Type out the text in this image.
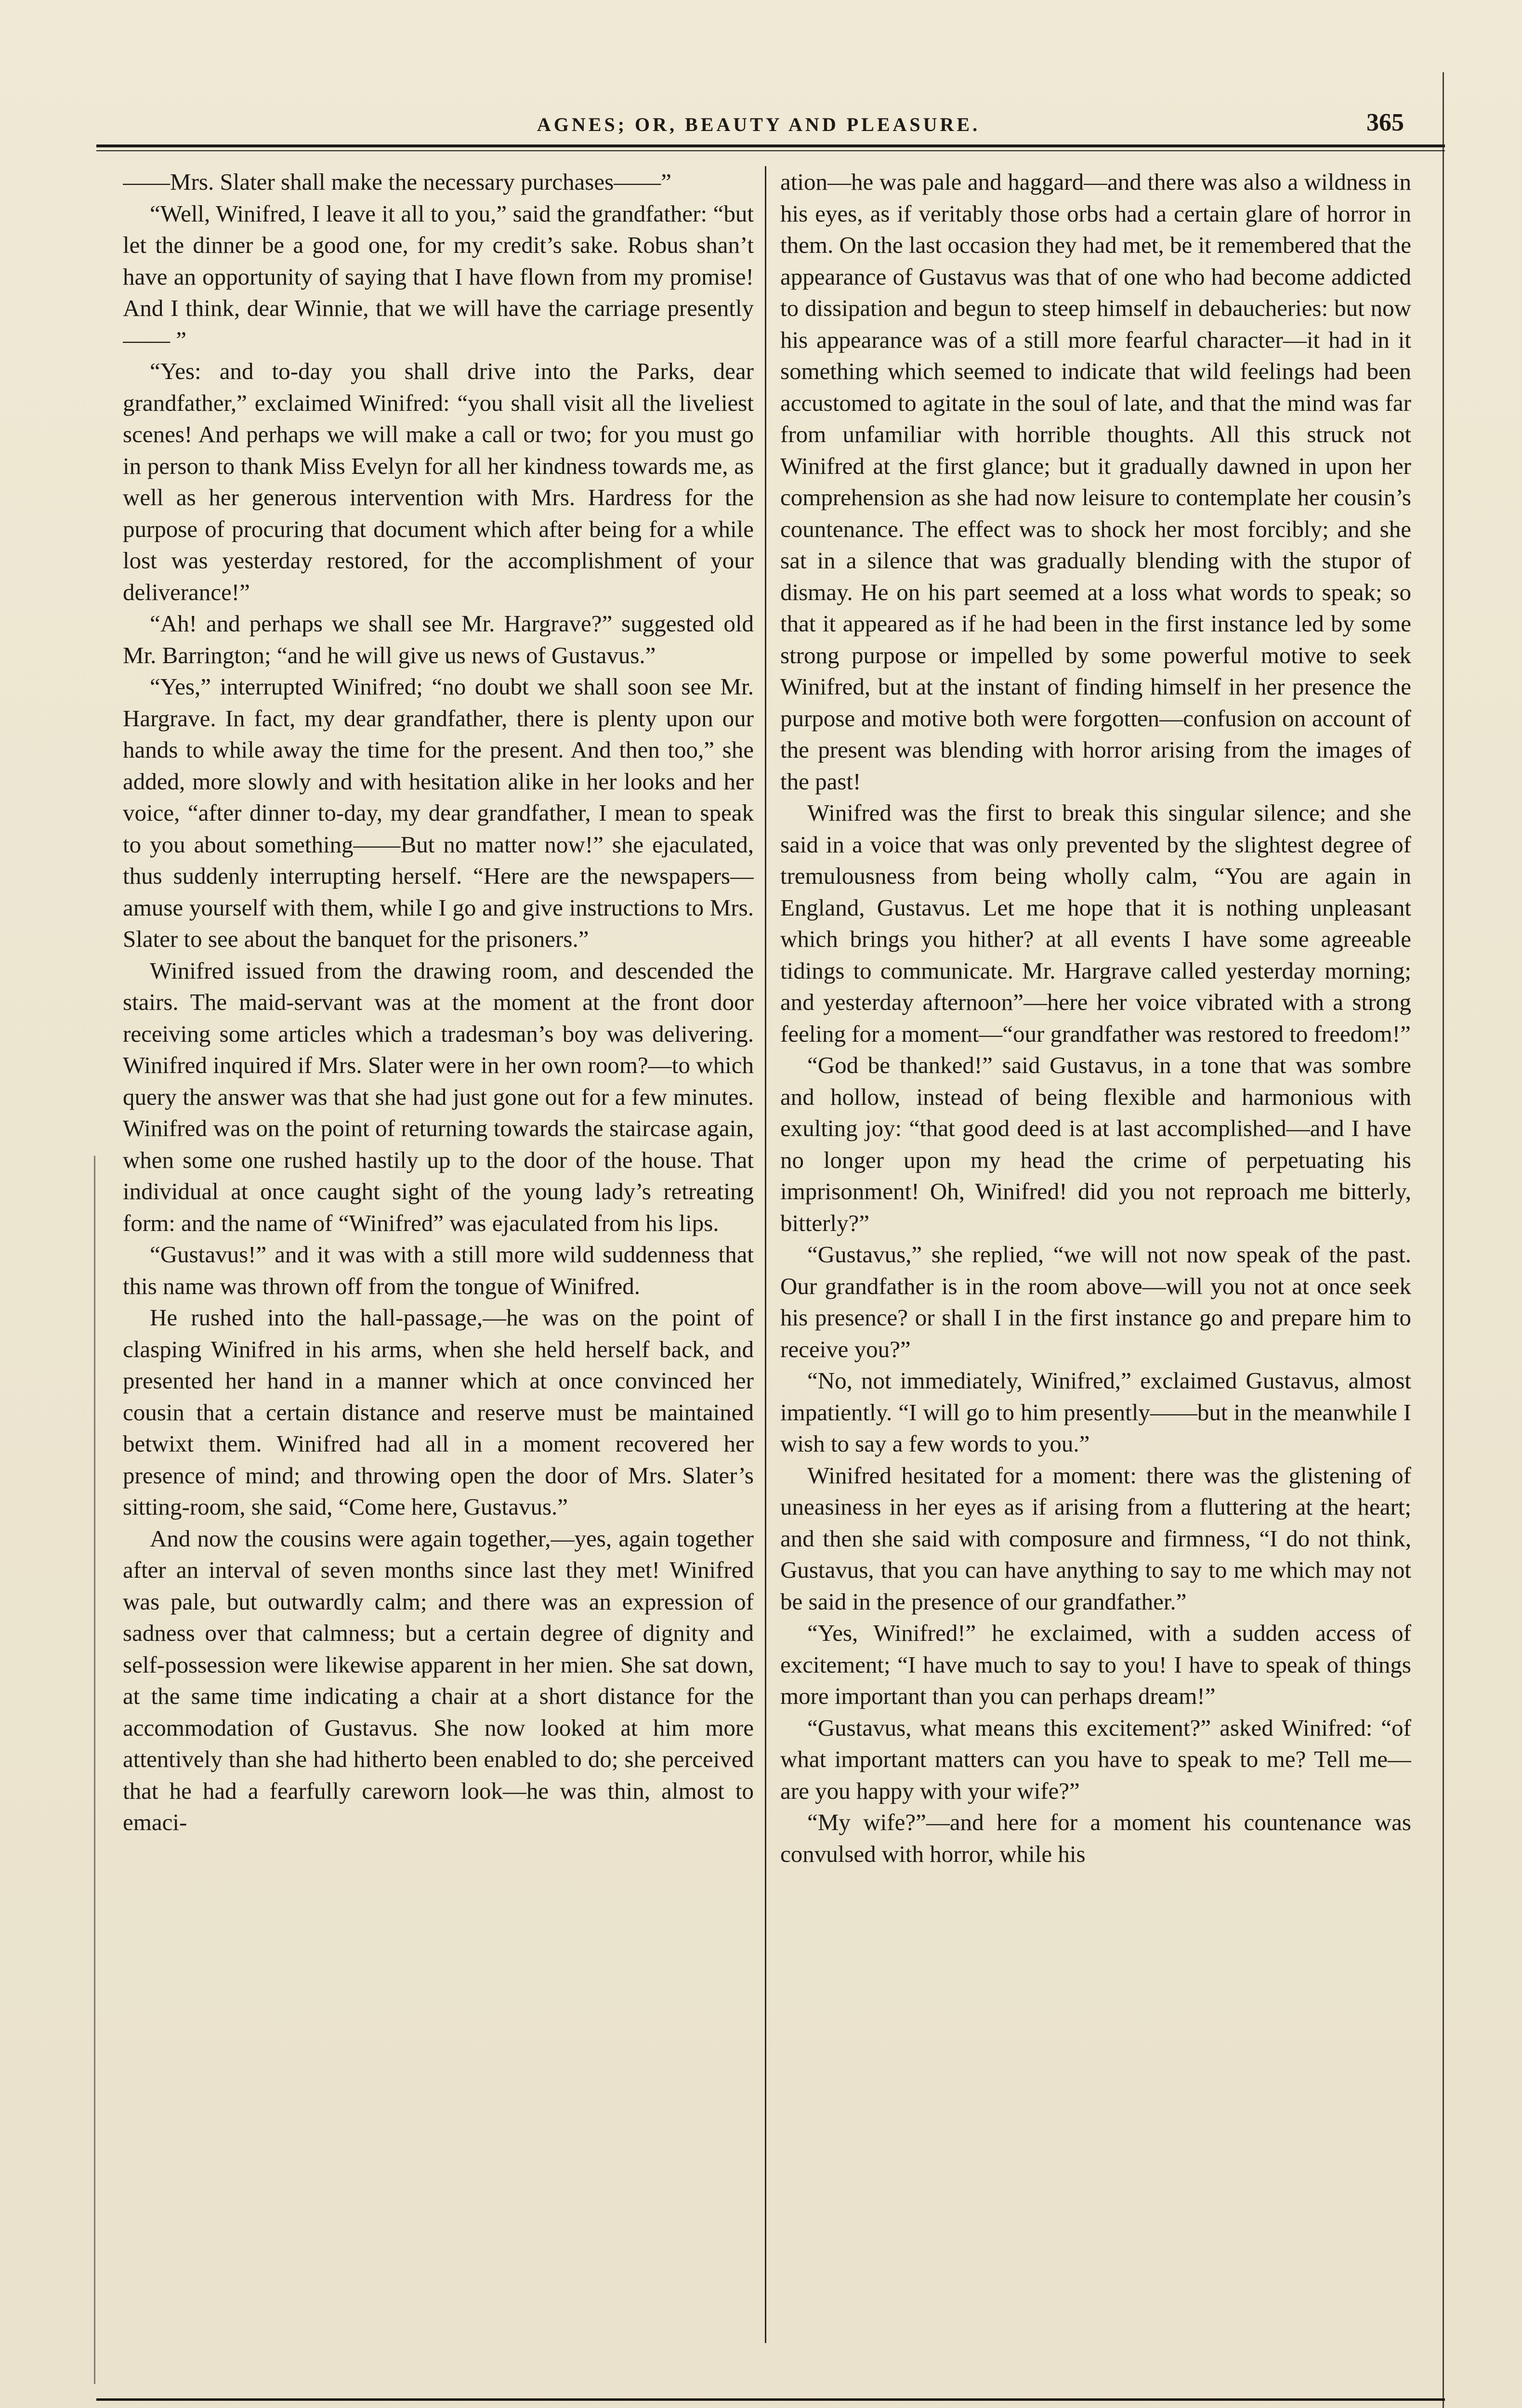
AGNES; OR, BEAUTY AND PLEASURE.	365

——Mrs. Slater shall make the necessary purchases——”

“Well, Winifred, I leave it all to you,” said the grandfather: “but let the dinner be a good one, for my credit’s sake. Robus shan’t have an opportunity of saying that I have flown from my promise! And I think, dear Winnie, that we will have the carriage presently—— ”

“Yes: and to-day you shall drive into the Parks, dear grandfather,” exclaimed Winifred: “you shall visit all the liveliest scenes! And perhaps we will make a call or two; for you must go in person to thank Miss Evelyn for all her kindness towards me, as well as her generous intervention with Mrs. Hardress for the purpose of procuring that document which after being for a while lost was yesterday restored, for the accomplishment of your deliverance!”

“Ah! and perhaps we shall see Mr. Hargrave?” suggested old Mr. Barrington; “and he will give us news of Gustavus.”

“Yes,” interrupted Winifred; “no doubt we shall soon see Mr. Hargrave. In fact, my dear grandfather, there is plenty upon our hands to while away the time for the present. And then too,” she added, more slowly and with hesitation alike in her looks and her voice, “after dinner to-day, my dear grandfather, I mean to speak to you about something——But no matter now!” she ejaculated, thus suddenly interrupting herself. “Here are the newspapers—amuse yourself with them, while I go and give instructions to Mrs. Slater to see about the banquet for the prisoners.”

Winifred issued from the drawing room, and descended the stairs. The maid-servant was at the moment at the front door receiving some articles which a tradesman’s boy was delivering. Winifred inquired if Mrs. Slater were in her own room?—to which query the answer was that she had just gone out for a few minutes. Winifred was on the point of returning towards the staircase again, when some one rushed hastily up to the door of the house. That individual at once caught sight of the young lady’s retreating form: and the name of “Winifred” was ejaculated from his lips.

“Gustavus!” and it was with a still more wild suddenness that this name was thrown off from the tongue of Winifred.

He rushed into the hall-passage,—he was on the point of clasping Winifred in his arms, when she held herself back, and presented her hand in a manner which at once convinced her cousin that a certain distance and reserve must be maintained betwixt them. Winifred had all in a moment recovered her presence of mind; and throwing open the door of Mrs. Slater’s sitting-room, she said, “Come here, Gustavus.”

And now the cousins were again together,—yes, again together after an interval of seven months since last they met! Winifred was pale, but outwardly calm; and there was an expression of sadness over that calmness; but a certain degree of dignity and self-possession were likewise apparent in her mien. She sat down, at the same time indicating a chair at a short distance for the accommodation of Gustavus. She now looked at him more attentively than she had hitherto been enabled to do; she perceived that he had a fearfully careworn look—he was thin, almost to emaci-

ation—he was pale and haggard—and there was also a wildness in his eyes, as if veritably those orbs had a certain glare of horror in them. On the last occasion they had met, be it remembered that the appearance of Gustavus was that of one who had become addicted to dissipation and begun to steep himself in debaucheries: but now his appearance was of a still more fearful character—it had in it something which seemed to indicate that wild feelings had been accustomed to agitate in the soul of late, and that the mind was far from unfamiliar with horrible thoughts. All this struck not Winifred at the first glance; but it gradually dawned in upon her comprehension as she had now leisure to contemplate her cousin’s countenance. The effect was to shock her most forcibly; and she sat in a silence that was gradually blending with the stupor of dismay. He on his part seemed at a loss what words to speak; so that it appeared as if he had been in the first instance led by some strong purpose or impelled by some powerful motive to seek Winifred, but at the instant of finding himself in her presence the purpose and motive both were forgotten—confusion on account of the present was blending with horror arising from the images of the past!

Winifred was the first to break this singular silence; and she said in a voice that was only prevented by the slightest degree of tremulousness from being wholly calm, “You are again in England, Gustavus. Let me hope that it is nothing unpleasant which brings you hither? at all events I have some agreeable tidings to communicate. Mr. Hargrave called yesterday morning; and yesterday afternoon”—here her voice vibrated with a strong feeling for a moment—“our grandfather was restored to freedom!”

“God be thanked!” said Gustavus, in a tone that was sombre and hollow, instead of being flexible and harmonious with exulting joy: “that good deed is at last accomplished—and I have no longer upon my head the crime of perpetuating his imprisonment! Oh, Winifred! did you not reproach me bitterly, bitterly?”

“Gustavus,” she replied, “we will not now speak of the past. Our grandfather is in the room above—will you not at once seek his presence? or shall I in the first instance go and prepare him to receive you?”

“No, not immediately, Winifred,” exclaimed Gustavus, almost impatiently. “I will go to him presently——but in the meanwhile I wish to say a few words to you.”

Winifred hesitated for a moment: there was the glistening of uneasiness in her eyes as if arising from a fluttering at the heart; and then she said with composure and firmness, “I do not think, Gustavus, that you can have anything to say to me which may not be said in the presence of our grandfather.”

“Yes, Winifred!” he exclaimed, with a sudden access of excitement; “I have much to say to you! I have to speak of things more important than you can perhaps dream!”

“Gustavus, what means this excitement?” asked Winifred: “of what important matters can you have to speak to me? Tell me—are you happy with your wife?”

“My wife?”—and here for a moment his countenance was convulsed with horror, while his
